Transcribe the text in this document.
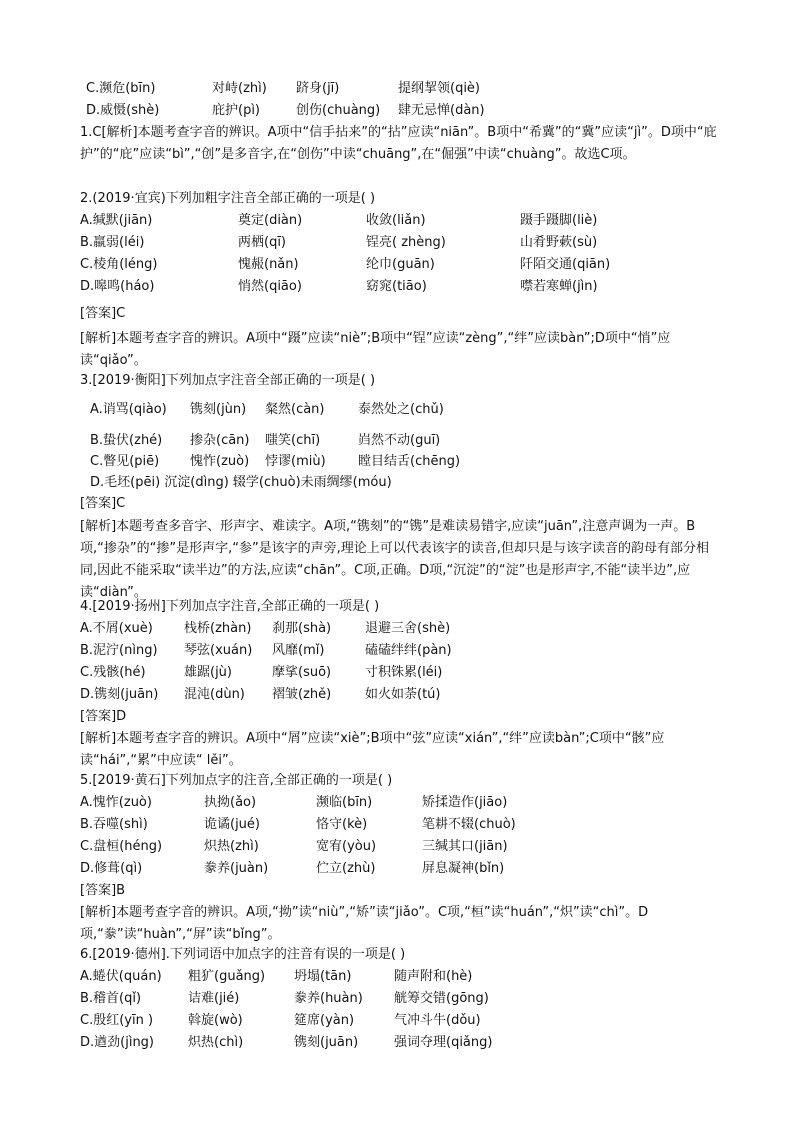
C.濒危(bīn)	对峙(zhì) 跻身(jī)	提纲挈领(qiè)
D.威慑(shè)	庇护(pì)	创伤(chuàng) 肆无忌惮(dàn)
1.C[解析]本题考查字音的辨识。A项中“信手拈来”的“拈”应读“niān”。B项中“希冀”的“冀”应读“jì”。D项中“庇护”的“庇”应读“bì”,“创”是多音字,在“创伤”中读“chuāng”,在“倔强”中读“chuàng”。故选C项。
2.(2019·宜宾)下列加粗字注音全部正确的一项是( )
A.缄默(jiān)	奠定(diàn)	收敛(liǎn)	蹑手蹑脚(liè)
B.羸弱(léi)	两栖(qī)	锃亮( zhèng)	山肴野蔌(sù)
C.棱角(léng)	愧赧(nǎn)	纶巾(guān)	阡陌交通(qiān)
D.嗥鸣(háo)	悄然(qiāo)	窈窕(tiāo)	噤若寒蝉(jìn)
[答案]C
[解析]本题考查字音的辨识。A项中“蹑”应读“niè”;B项中“锃”应读“zèng”,“绊”应读bàn”;D项中“悄”应读“qiǎo”。
3.[2019·衡阳]下列加点字注音全部正确的一项是( )
A.诮骂(qiào) 镌刻(jùn) 粲然(càn)	泰然处之(chǔ)
B.蛰伏(zhé) 掺杂(cān) 嗤笑(chī)	岿然不动(guī)
C.瞥见(piē) 愧怍(zuò) 悖谬(miù) 瞠目结舌(chēng)
D.毛坯(pēi) 沉淀(dìng) 辍学(chuò)未雨绸缪(móu)
[答案]C
[解析]本题考查多音字、形声字、难读字。A项,“镌刻”的“镌”是难读易错字,应读“juān”,注意声调为一声。B项,“掺杂”的“掺”是形声字,“参”是该字的声旁,理论上可以代表该字的读音,但却只是与该字读音的韵母有部分相同,因此不能采取“读半边”的方法,应读“chān”。C项,正确。D项,“沉淀”的“淀”也是形声字,不能“读半边”,应读“diàn”。
4.[2019·扬州]下列加点字注音,全部正确的一项是( )
A.不屑(xuè) 栈桥(zhàn) 刹那(shà)	退避三舍(shè)
B.泥泞(nìng) 琴弦(xuán) 风靡(mǐ)	磕磕绊绊(pàn)
C.残骸(hé)	雄踞(jù)	摩挲(suō)	寸积铢累(léi)
D.镌刻(juān) 混沌(dùn) 褶皱(zhě)	如火如荼(tú)
[答案]D
[解析]本题考查字音的辨识。A项中“屑”应读“xiè”;B项中“弦”应读“xián”,“绊”应读bàn”;C项中“骸”应读“hái”,“累”中应读“ lěi”。
5.[2019·黄石]下列加点字的注音,全部正确的一项是( )
A.愧怍(zuò)	执拗(ǎo)	濒临(bīn)	矫揉造作(jiāo)
B.吞噬(shì)	诡谲(jué)	恪守(kè)	笔耕不辍(chuò)
C.盘桓(héng)	炽热(zhì)	宽宥(yòu)	三缄其口(jiān)
D.修葺(qì)	豢养(juàn)	伫立(zhù)	屏息凝神(bǐn)
[答案]B
[解析]本题考查字音的辨识。A项,“拗”读“niù”,“矫”读“jiǎo”。C项,“桓”读“huán”,“炽”读“chì”。D项,“豢”读“huàn”,“屏”读“bǐng”。
6.[2019·德州].下列词语中加点字的注音有误的一项是( )
A.蜷伏(quán) 粗犷(guǎng) 坍塌(tān)	随声附和(hè)
B.稽首(qǐ)	诘难(jié)	豢养(huàn) 觥筹交错(gōng)
C.殷红(yīn )	斡旋(wò)	筵席(yàn)	气冲斗牛(dǒu)
D.遒劲(jìng)	炽热(chì)	镌刻(juān)	强词夺理(qiǎng)
